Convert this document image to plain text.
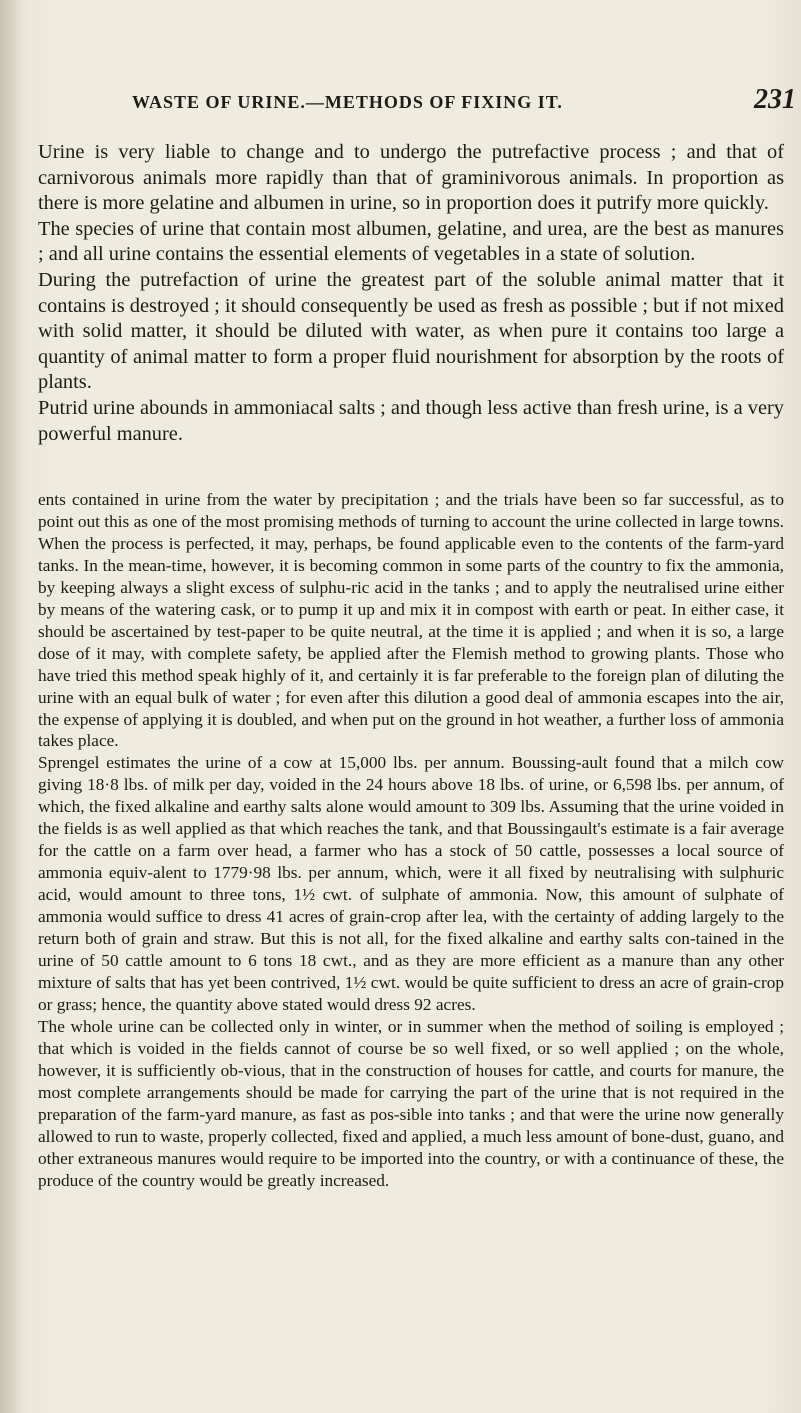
WASTE OF URINE.—METHODS OF FIXING IT.	231

Urine is very liable to change and to undergo the putrefactive process ; and that of carnivorous animals more rapidly than that of graminivorous animals. In proportion as there is more gelatine and albumen in urine, so in proportion does it putrify more quickly.

The species of urine that contain most albumen, gelatine, and urea, are the best as manures ; and all urine contains the essential elements of vegetables in a state of solution.

During the putrefaction of urine the greatest part of the soluble animal matter that it contains is destroyed ; it should consequently be used as fresh as possible ; but if not mixed with solid matter, it should be diluted with water, as when pure it contains too large a quantity of animal matter to form a proper fluid nourishment for absorption by the roots of plants.

Putrid urine abounds in ammoniacal salts ; and though less active than fresh urine, is a very powerful manure.

ents contained in urine from the water by precipitation ; and the trials have been so far successful, as to point out this as one of the most promising methods of turning to account the urine collected in large towns. When the process is perfected, it may, perhaps, be found applicable even to the contents of the farm-yard tanks. In the mean-time, however, it is becoming common in some parts of the country to fix the ammonia, by keeping always a slight excess of sulphu-ric acid in the tanks ; and to apply the neutralised urine either by means of the watering cask, or to pump it up and mix it in compost with earth or peat. In either case, it should be ascertained by test-paper to be quite neutral, at the time it is applied ; and when it is so, a large dose of it may, with complete safety, be applied after the Flemish method to growing plants. Those who have tried this method speak highly of it, and certainly it is far preferable to the foreign plan of diluting the urine with an equal bulk of water ; for even after this dilution a good deal of ammonia escapes into the air, the expense of applying it is doubled, and when put on the ground in hot weather, a further loss of ammonia takes place.

Sprengel estimates the urine of a cow at 15,000 lbs. per annum. Boussing-ault found that a milch cow giving 18·8 lbs. of milk per day, voided in the 24 hours above 18 lbs. of urine, or 6,598 lbs. per annum, of which, the fixed alkaline and earthy salts alone would amount to 309 lbs. Assuming that the urine voided in the fields is as well applied as that which reaches the tank, and that Boussingault's estimate is a fair average for the cattle on a farm over head, a farmer who has a stock of 50 cattle, possesses a local source of ammonia equiv-alent to 1779·98 lbs. per annum, which, were it all fixed by neutralising with sulphuric acid, would amount to three tons, 1½ cwt. of sulphate of ammonia. Now, this amount of sulphate of ammonia would suffice to dress 41 acres of grain-crop after lea, with the certainty of adding largely to the return both of grain and straw. But this is not all, for the fixed alkaline and earthy salts con-tained in the urine of 50 cattle amount to 6 tons 18 cwt., and as they are more efficient as a manure than any other mixture of salts that has yet been contrived, 1½ cwt. would be quite sufficient to dress an acre of grain-crop or grass; hence, the quantity above stated would dress 92 acres.

The whole urine can be collected only in winter, or in summer when the method of soiling is employed ; that which is voided in the fields cannot of course be so well fixed, or so well applied ; on the whole, however, it is sufficiently ob-vious, that in the construction of houses for cattle, and courts for manure, the most complete arrangements should be made for carrying the part of the urine that is not required in the preparation of the farm-yard manure, as fast as pos-sible into tanks ; and that were the urine now generally allowed to run to waste, properly collected, fixed and applied, a much less amount of bone-dust, guano, and other extraneous manures would require to be imported into the country, or with a continuance of these, the produce of the country would be greatly increased.
